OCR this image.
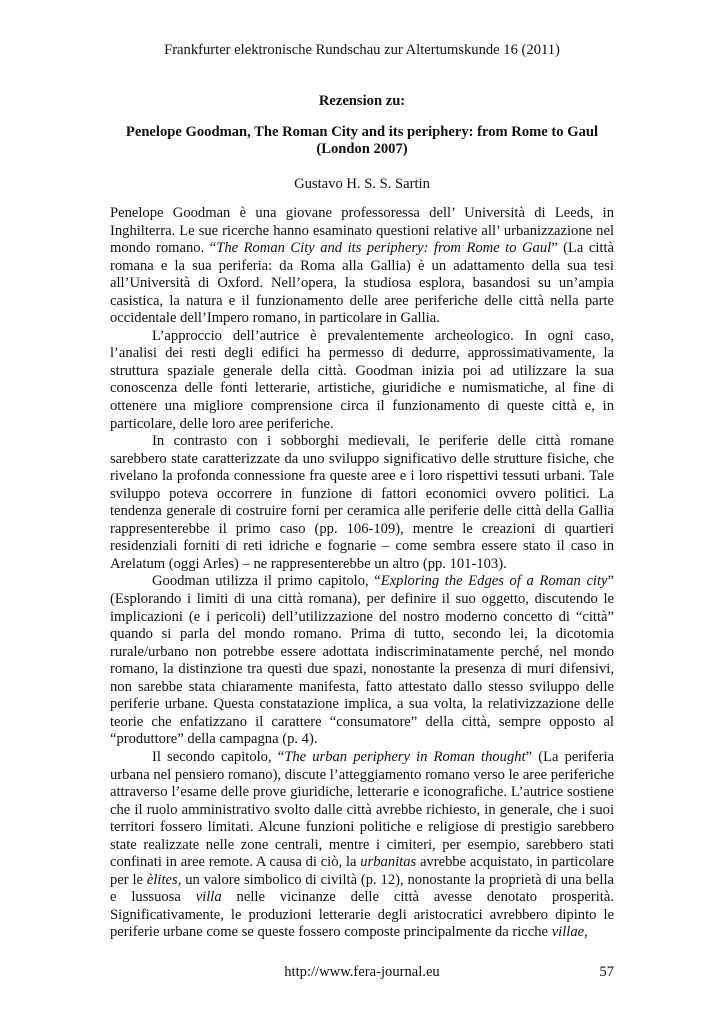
Frankfurter elektronische Rundschau zur Altertumskunde 16 (2011)
Rezension zu:
Penelope Goodman, The Roman City and its periphery: from Rome to Gaul
(London 2007)
Gustavo H. S. S. Sartin

Penelope Goodman è una giovane professoressa dell’ Università di Leeds, in Inghilterra. Le sue ricerche hanno esaminato questioni relative all’ urbanizzazione nel mondo romano. “The Roman City and its periphery: from Rome to Gaul” (La città romana e la sua periferia: da Roma alla Gallia) è un adattamento della sua tesi all’Università di Oxford. Nell’opera, la studiosa esplora, basandosi su un’ampia casistica, la natura e il funzionamento delle aree periferiche delle città nella parte occidentale dell’Impero romano, in particolare in Gallia.

L’approccio dell’autrice è prevalentemente archeologico. In ogni caso, l’analisi dei resti degli edifici ha permesso di dedurre, approssimativamente, la struttura spaziale generale della città. Goodman inizia poi ad utilizzare la sua conoscenza delle fonti letterarie, artistiche, giuridiche e numismatiche, al fine di ottenere una migliore comprensione circa il funzionamento di queste città e, in particolare, delle loro aree periferiche.

In contrasto con i sobborghi medievali, le periferie delle città romane sarebbero state caratterizzate da uno sviluppo significativo delle strutture fisiche, che rivelano la profonda connessione fra queste aree e i loro rispettivi tessuti urbani. Tale sviluppo poteva occorrere in funzione di fattori economici ovvero politici. La tendenza generale di costruire forni per ceramica alle periferie delle città della Gallia rappresenterebbe il primo caso (pp. 106-109), mentre le creazioni di quartieri residenziali forniti di reti idriche e fognarie – come sembra essere stato il caso in Arelatum (oggi Arles) – ne rappresenterebbe un altro (pp. 101-103).

Goodman utilizza il primo capitolo, “Exploring the Edges of a Roman city” (Esplorando i limiti di una città romana), per definire il suo oggetto, discutendo le implicazioni (e i pericoli) dell’utilizzazione del nostro moderno concetto di “città” quando si parla del mondo romano. Prima di tutto, secondo lei, la dicotomia rurale/urbano non potrebbe essere adottata indiscriminatamente perché, nel mondo romano, la distinzione tra questi due spazi, nonostante la presenza di muri difensivi, non sarebbe stata chiaramente manifesta, fatto attestato dallo stesso sviluppo delle periferie urbane. Questa constatazione implica, a sua volta, la relativizzazione delle teorie che enfatizzano il carattere “consumatore” della città, sempre opposto al “produttore” della campagna (p. 4).

Il secondo capitolo, “The urban periphery in Roman thought” (La periferia urbana nel pensiero romano), discute l’atteggiamento romano verso le aree periferiche attraverso l’esame delle prove giuridiche, letterarie e iconografiche. L’autrice sostiene che il ruolo amministrativo svolto dalle città avrebbe richiesto, in generale, che i suoi territori fossero limitati. Alcune funzioni politiche e religiose di prestigio sarebbero state realizzate nelle zone centrali, mentre i cimiteri, per esempio, sarebbero stati confinati in aree remote. A causa di ciò, la urbanitas avrebbe acquistato, in particolare per le èlites, un valore simbolico di civiltà (p. 12), nonostante la proprietà di una bella e lussuosa villa nelle vicinanze delle città avesse denotato prosperità. Significativamente, le produzioni letterarie degli aristocratici avrebbero dipinto le periferie urbane come se queste fossero composte principalmente da ricche villae,

http://www.fera-journal.eu	57
